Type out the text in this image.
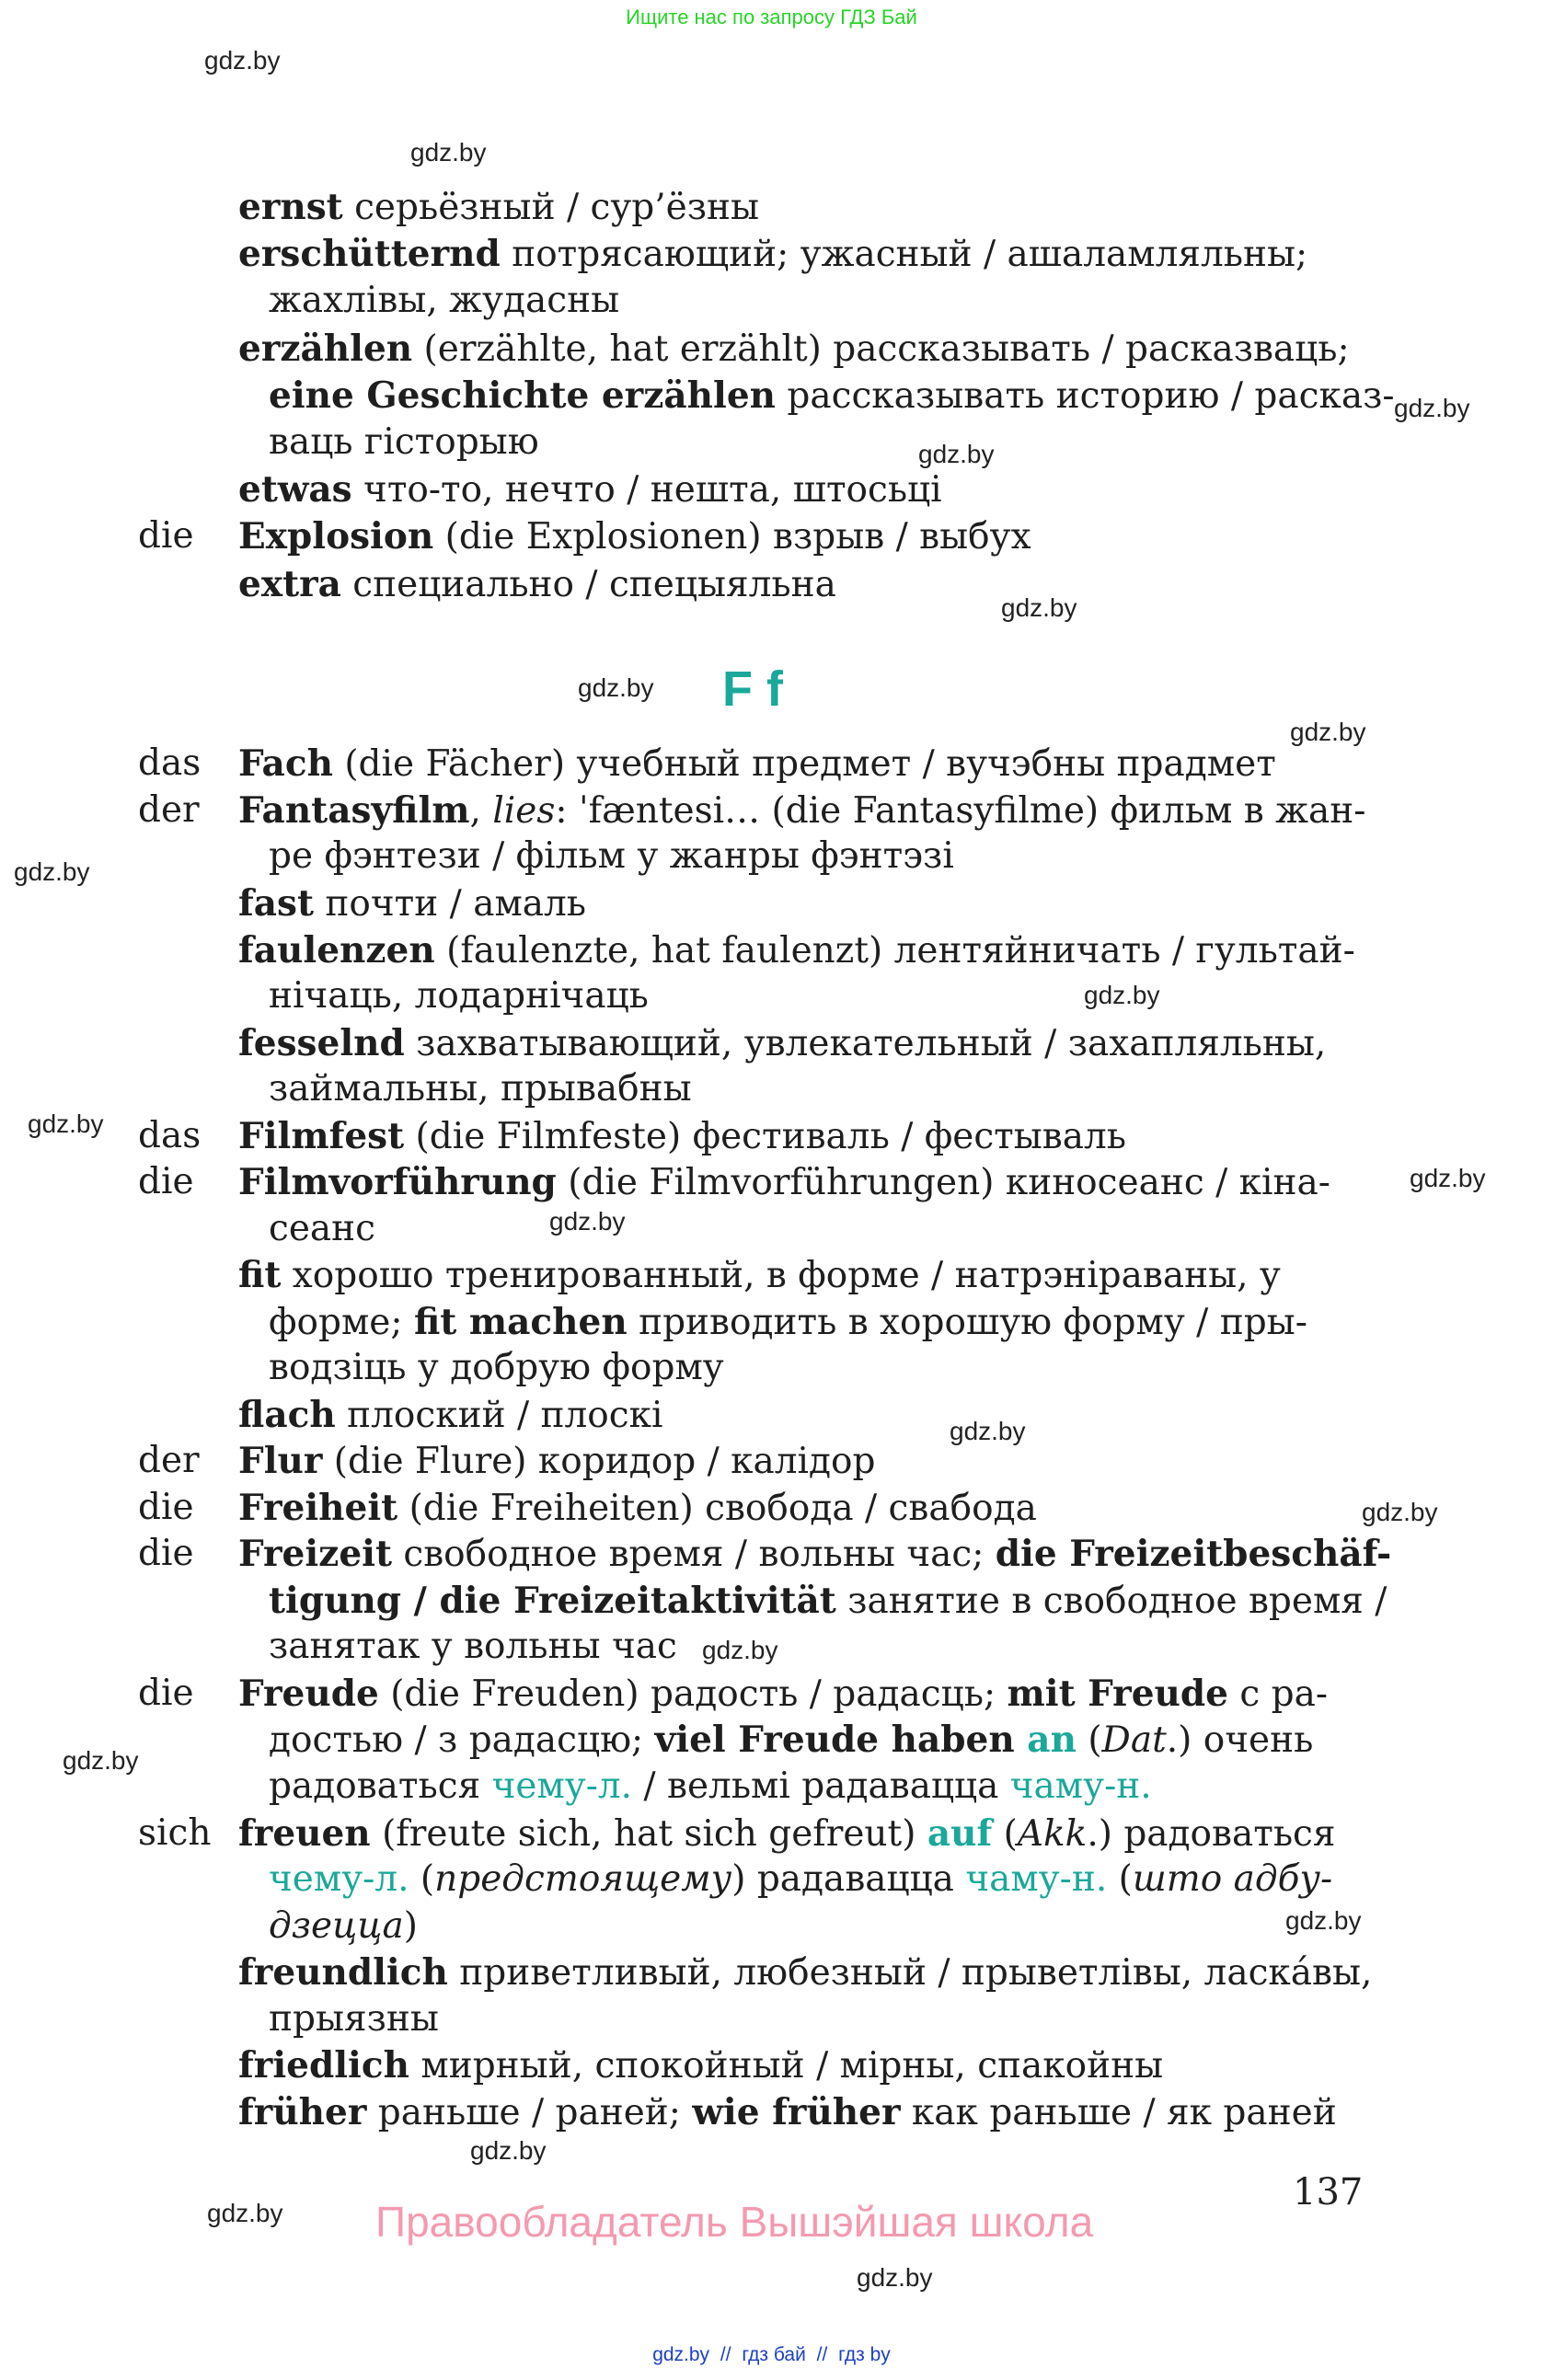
Ищите нас по запросу ГДЗ Бай
gdz.by
gdz.by
gdz.by
gdz.by
gdz.by
gdz.by
gdz.by
gdz.by
gdz.by
gdz.by
gdz.by
gdz.by
gdz.by
gdz.by
gdz.by
gdz.by
gdz.by
gdz.by
gdz.by
gdz.by
F f
ernst серьёзный / сур’ёзны
erschütternd потрясающий; ужасный / ашаламляльны;
жахлівы, жудасны
erzählen (erzählte, hat erzählt) рассказывать / расказваць;
eine Geschichte erzählen рассказывать историю / расказ-
ваць гісторыю
etwas что-то, нечто / нешта, штосьці
die Explosion (die Explosionen) взрыв / выбух
extra специально / спецыяльна
das Fach (die Fächer) учебный предмет / вучэбны прадмет
der Fantasyfilm, lies: ˈfæntesi… (die Fantasyfilme) фильм в жан-
ре фэнтези / фільм у жанры фэнтэзі
fast почти / амаль
faulenzen (faulenzte, hat faulenzt) лентяйничать / гультай-
нічаць, лодарнічаць
fesselnd захватывающий, увлекательный / захапляльны,
займальны, прывабны
das Filmfest (die Filmfeste) фестиваль / фестываль
die Filmvorführung (die Filmvorführungen) киносеанс / кіна-
сеанс
fit хорошо тренированный, в форме / натрэніраваны, у
форме; fit machen приводить в хорошую форму / пры-
водзіць у добрую форму
flach плоский / плоскі
der Flur (die Flure) коридор / калідор
die Freiheit (die Freiheiten) свобода / свабода
die Freizeit свободное время / вольны час; die Freizeitbeschäf-
tigung / die Freizeitaktivität занятие в свободное время /
занятак у вольны час
die Freude (die Freuden) радость / радасць; mit Freude с ра-
достью / з радасцю; viel Freude haben an (Dat.) очень
радоваться чему-л. / вельмі радавацца чаму-н.
sich freuen (freute sich, hat sich gefreut) auf (Akk.) радоваться
чему-л. (предстоящему) радавацца чаму-н. (што адбу-
дзецца)
freundlich приветливый, любезный / прыветлівы, ласка́вы,
прыязны
friedlich мирный, спокойный / мірны, спакойны
früher раньше / раней; wie früher как раньше / як раней
137
Правообладатель Вышэйшая школа
gdz.by // гдз бай // гдз by
